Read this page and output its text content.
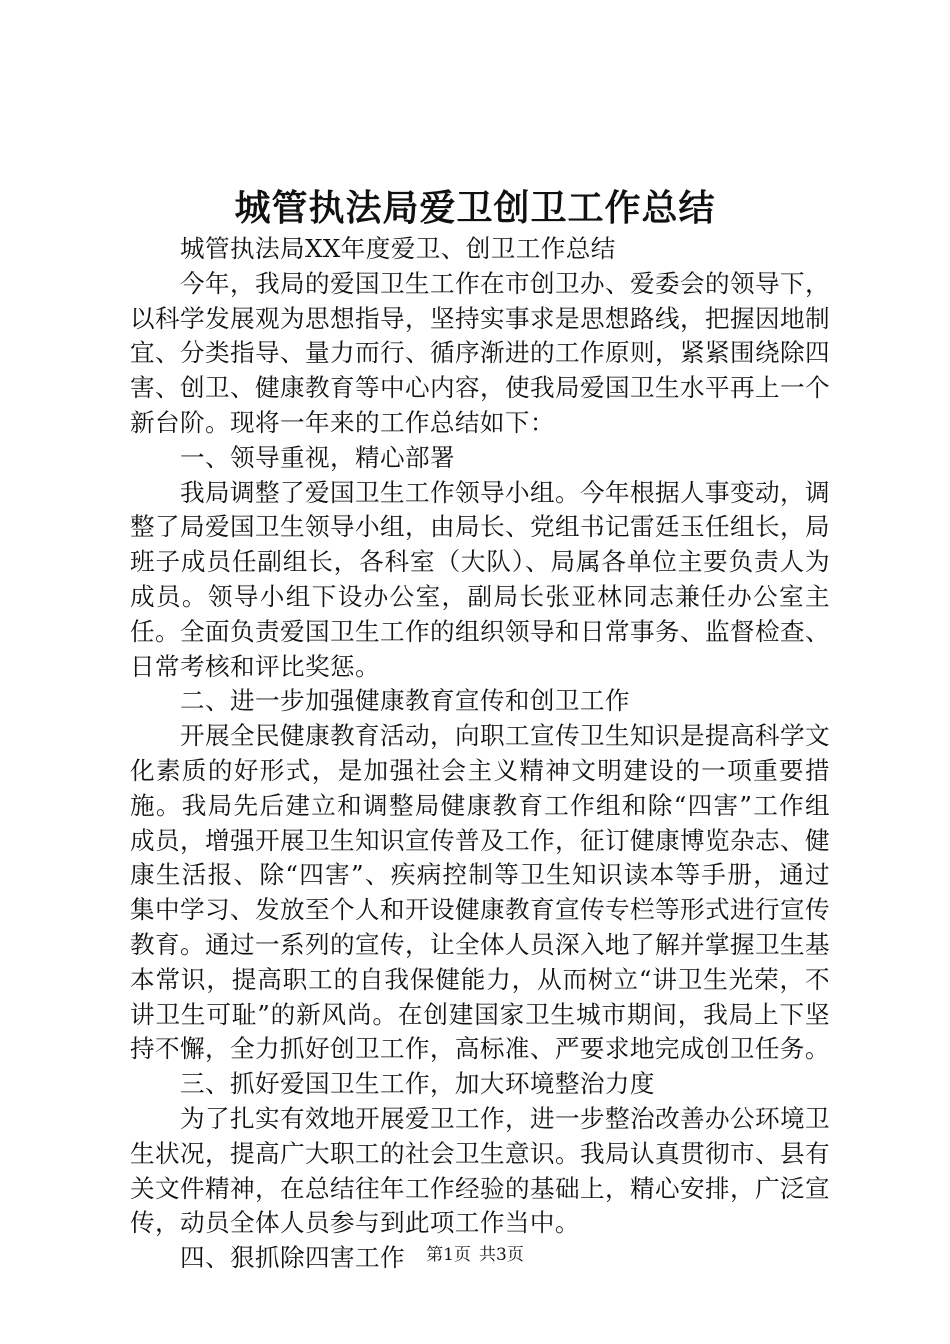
城管执法局爱卫创卫工作总结

城管执法局XX年度爱卫、创卫工作总结

今年，我局的爱国卫生工作在市创卫办、爱委会的领导下，以科学发展观为思想指导，坚持实事求是思想路线，把握因地制宜、分类指导、量力而行、循序渐进的工作原则，紧紧围绕除四害、创卫、健康教育等中心内容，使我局爱国卫生水平再上一个新台阶。现将一年来的工作总结如下：

一、领导重视，精心部署

我局调整了爱国卫生工作领导小组。今年根据人事变动，调整了局爱国卫生领导小组，由局长、党组书记雷廷玉任组长，局班子成员任副组长，各科室（大队）、局属各单位主要负责人为成员。领导小组下设办公室，副局长张亚林同志兼任办公室主任。全面负责爱国卫生工作的组织领导和日常事务、监督检查、日常考核和评比奖惩。

二、进一步加强健康教育宣传和创卫工作

开展全民健康教育活动，向职工宣传卫生知识是提高科学文化素质的好形式，是加强社会主义精神文明建设的一项重要措施。我局先后建立和调整局健康教育工作组和除“四害”工作组成员，增强开展卫生知识宣传普及工作，征订健康博览杂志、健康生活报、除“四害”、疾病控制等卫生知识读本等手册，通过集中学习、发放至个人和开设健康教育宣传专栏等形式进行宣传教育。通过一系列的宣传，让全体人员深入地了解并掌握卫生基本常识，提高职工的自我保健能力，从而树立“讲卫生光荣，不讲卫生可耻”的新风尚。在创建国家卫生城市期间，我局上下坚持不懈，全力抓好创卫工作，高标准、严要求地完成创卫任务。

三、抓好爱国卫生工作，加大环境整治力度

为了扎实有效地开展爱卫工作，进一步整治改善办公环境卫生状况，提高广大职工的社会卫生意识。我局认真贯彻市、县有关文件精神，在总结往年工作经验的基础上，精心安排，广泛宣传，动员全体人员参与到此项工作当中。

四、狠抓除四害工作	第1页 共3页
